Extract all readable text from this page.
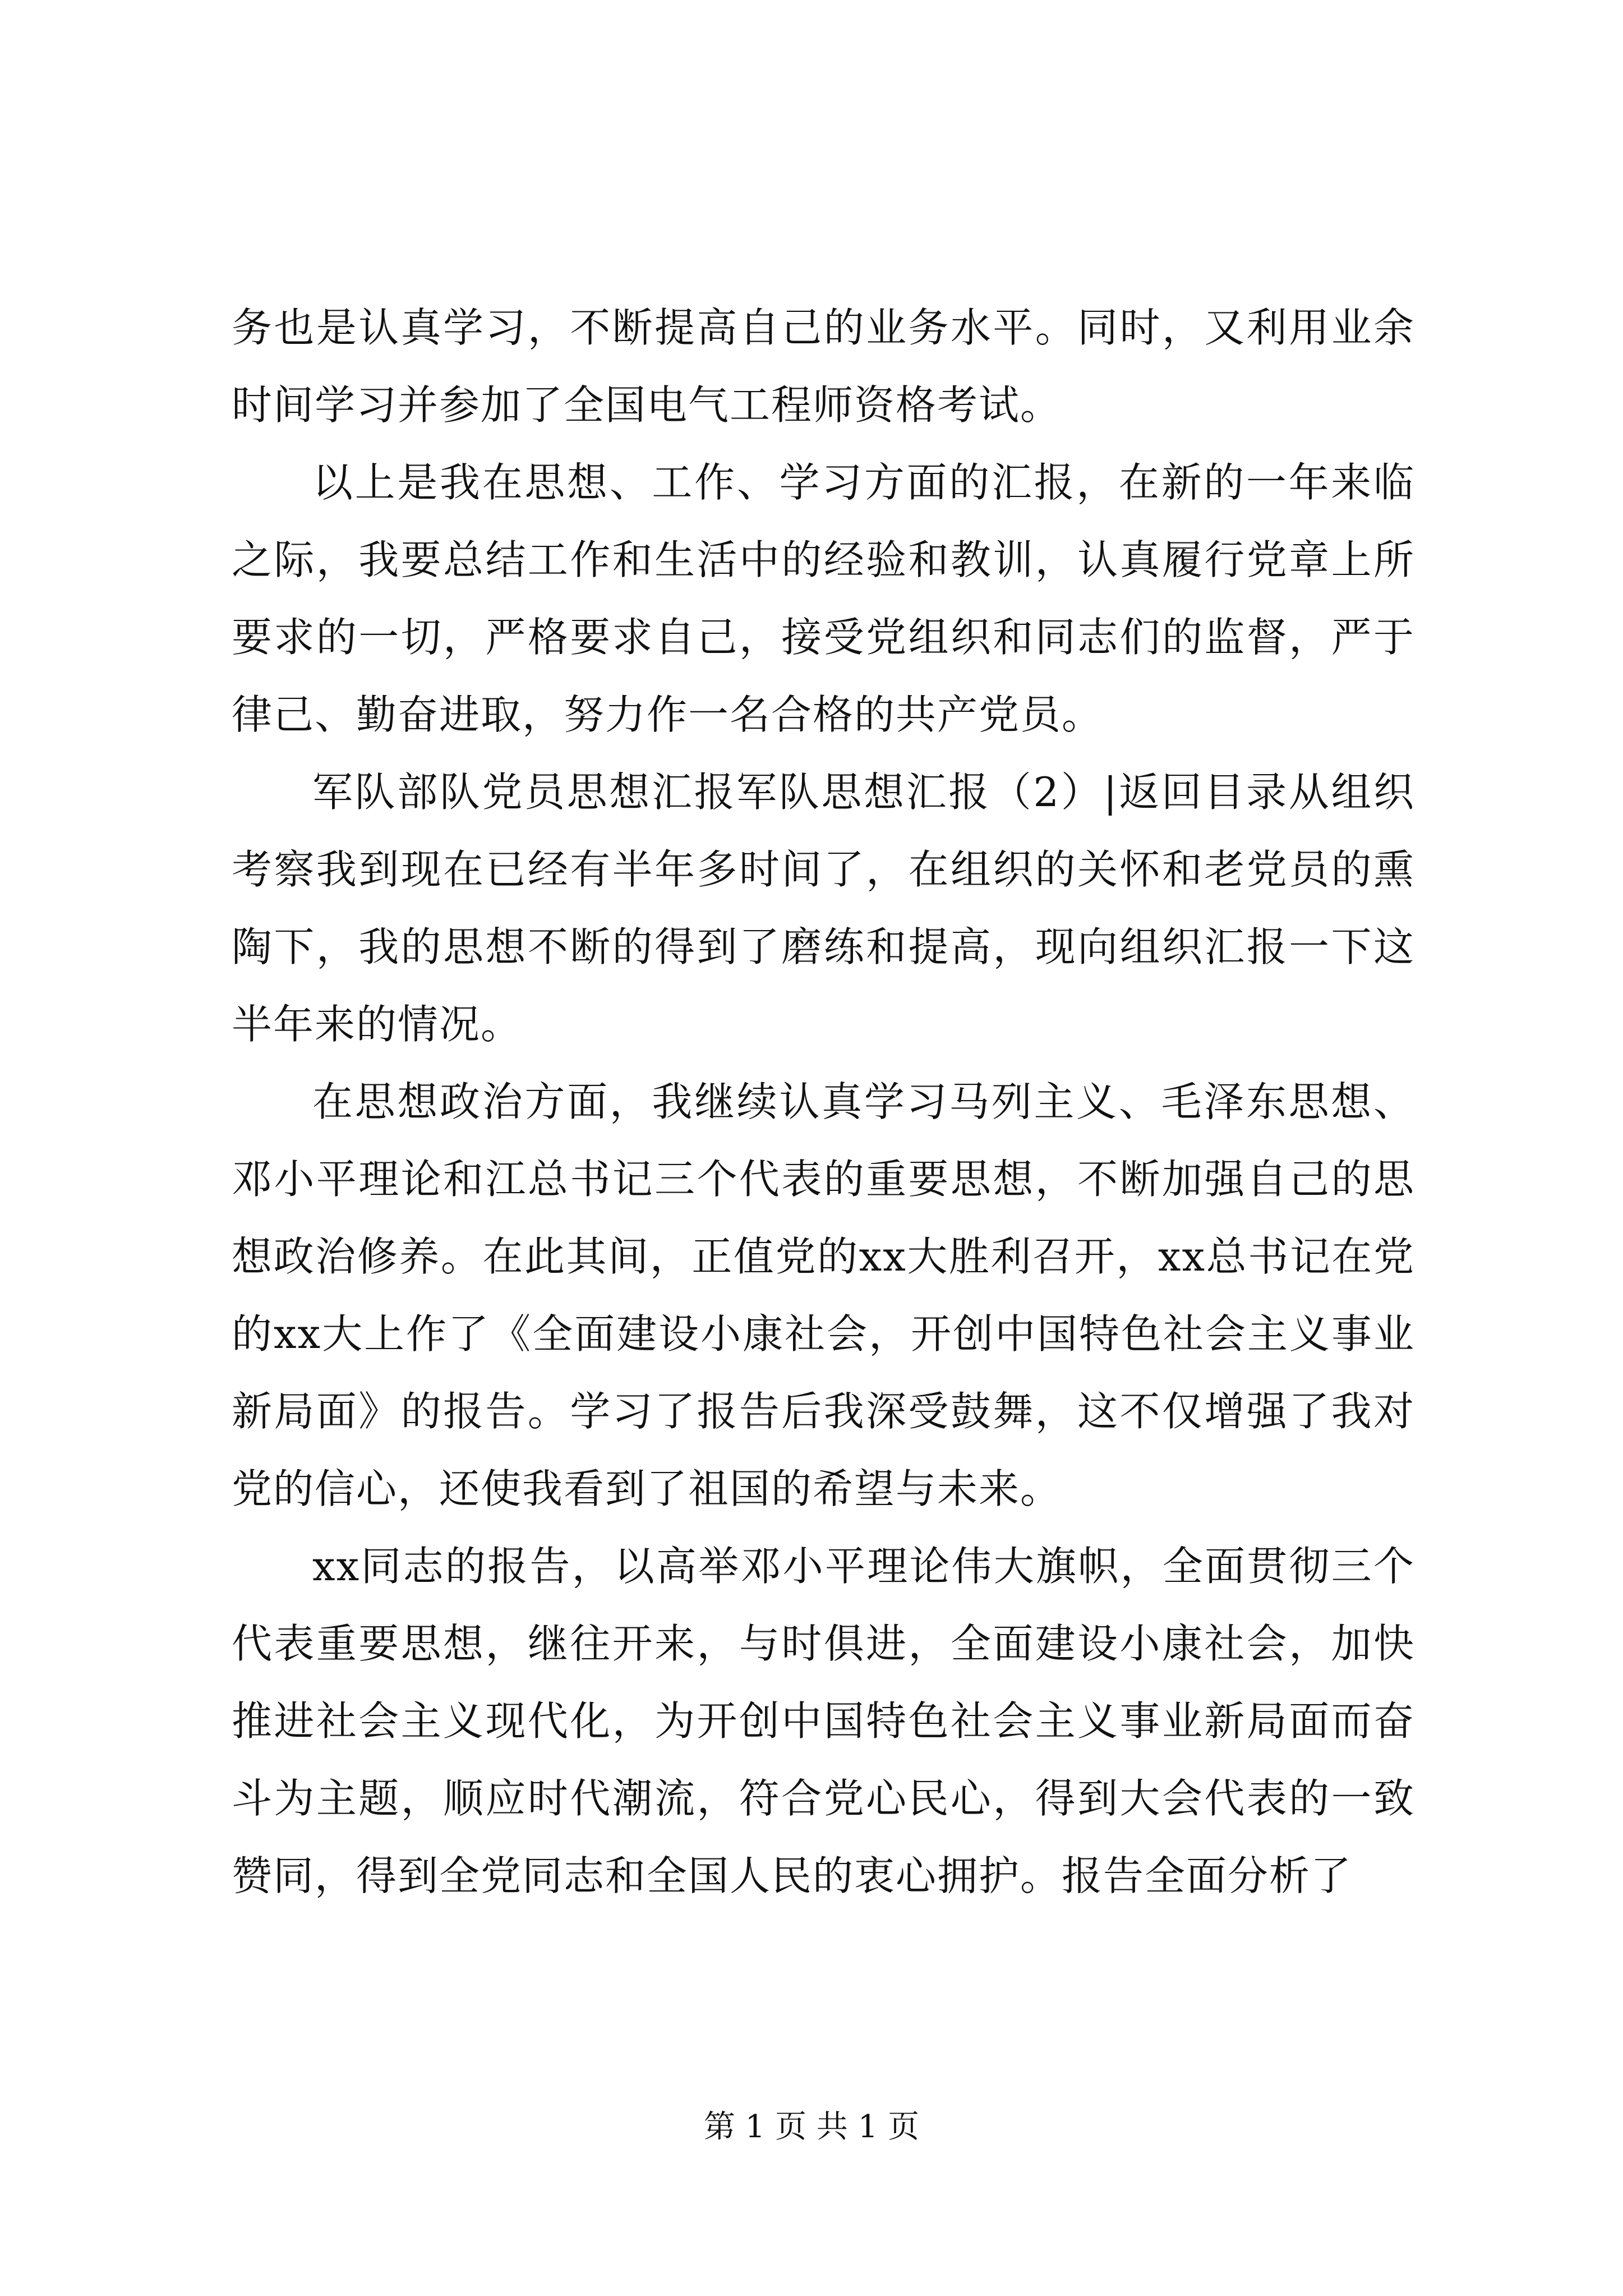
务也是认真学习，不断提高自己的业务水平。同时，又利用业余时间学习并参加了全国电气工程师资格考试。

以上是我在思想、工作、学习方面的汇报，在新的一年来临之际，我要总结工作和生活中的经验和教训，认真履行党章上所要求的一切，严格要求自己，接受党组织和同志们的监督，严于律己、勤奋进取，努力作一名合格的共产党员。

军队部队党员思想汇报军队思想汇报（2）|返回目录从组织考察我到现在已经有半年多时间了，在组织的关怀和老党员的熏陶下，我的思想不断的得到了磨练和提高，现向组织汇报一下这半年来的情况。

在思想政治方面，我继续认真学习马列主义、毛泽东思想、邓小平理论和江总书记三个代表的重要思想，不断加强自己的思想政治修养。在此其间，正值党的xx大胜利召开，xx总书记在党的xx大上作了《全面建设小康社会，开创中国特色社会主义事业新局面》的报告。学习了报告后我深受鼓舞，这不仅增强了我对党的信心，还使我看到了祖国的希望与未来。

xx同志的报告，以高举邓小平理论伟大旗帜，全面贯彻三个代表重要思想，继往开来，与时俱进，全面建设小康社会，加快推进社会主义现代化，为开创中国特色社会主义事业新局面而奋斗为主题，顺应时代潮流，符合党心民心，得到大会代表的一致赞同，得到全党同志和全国人民的衷心拥护。报告全面分析了

第 1 页 共 1 页
